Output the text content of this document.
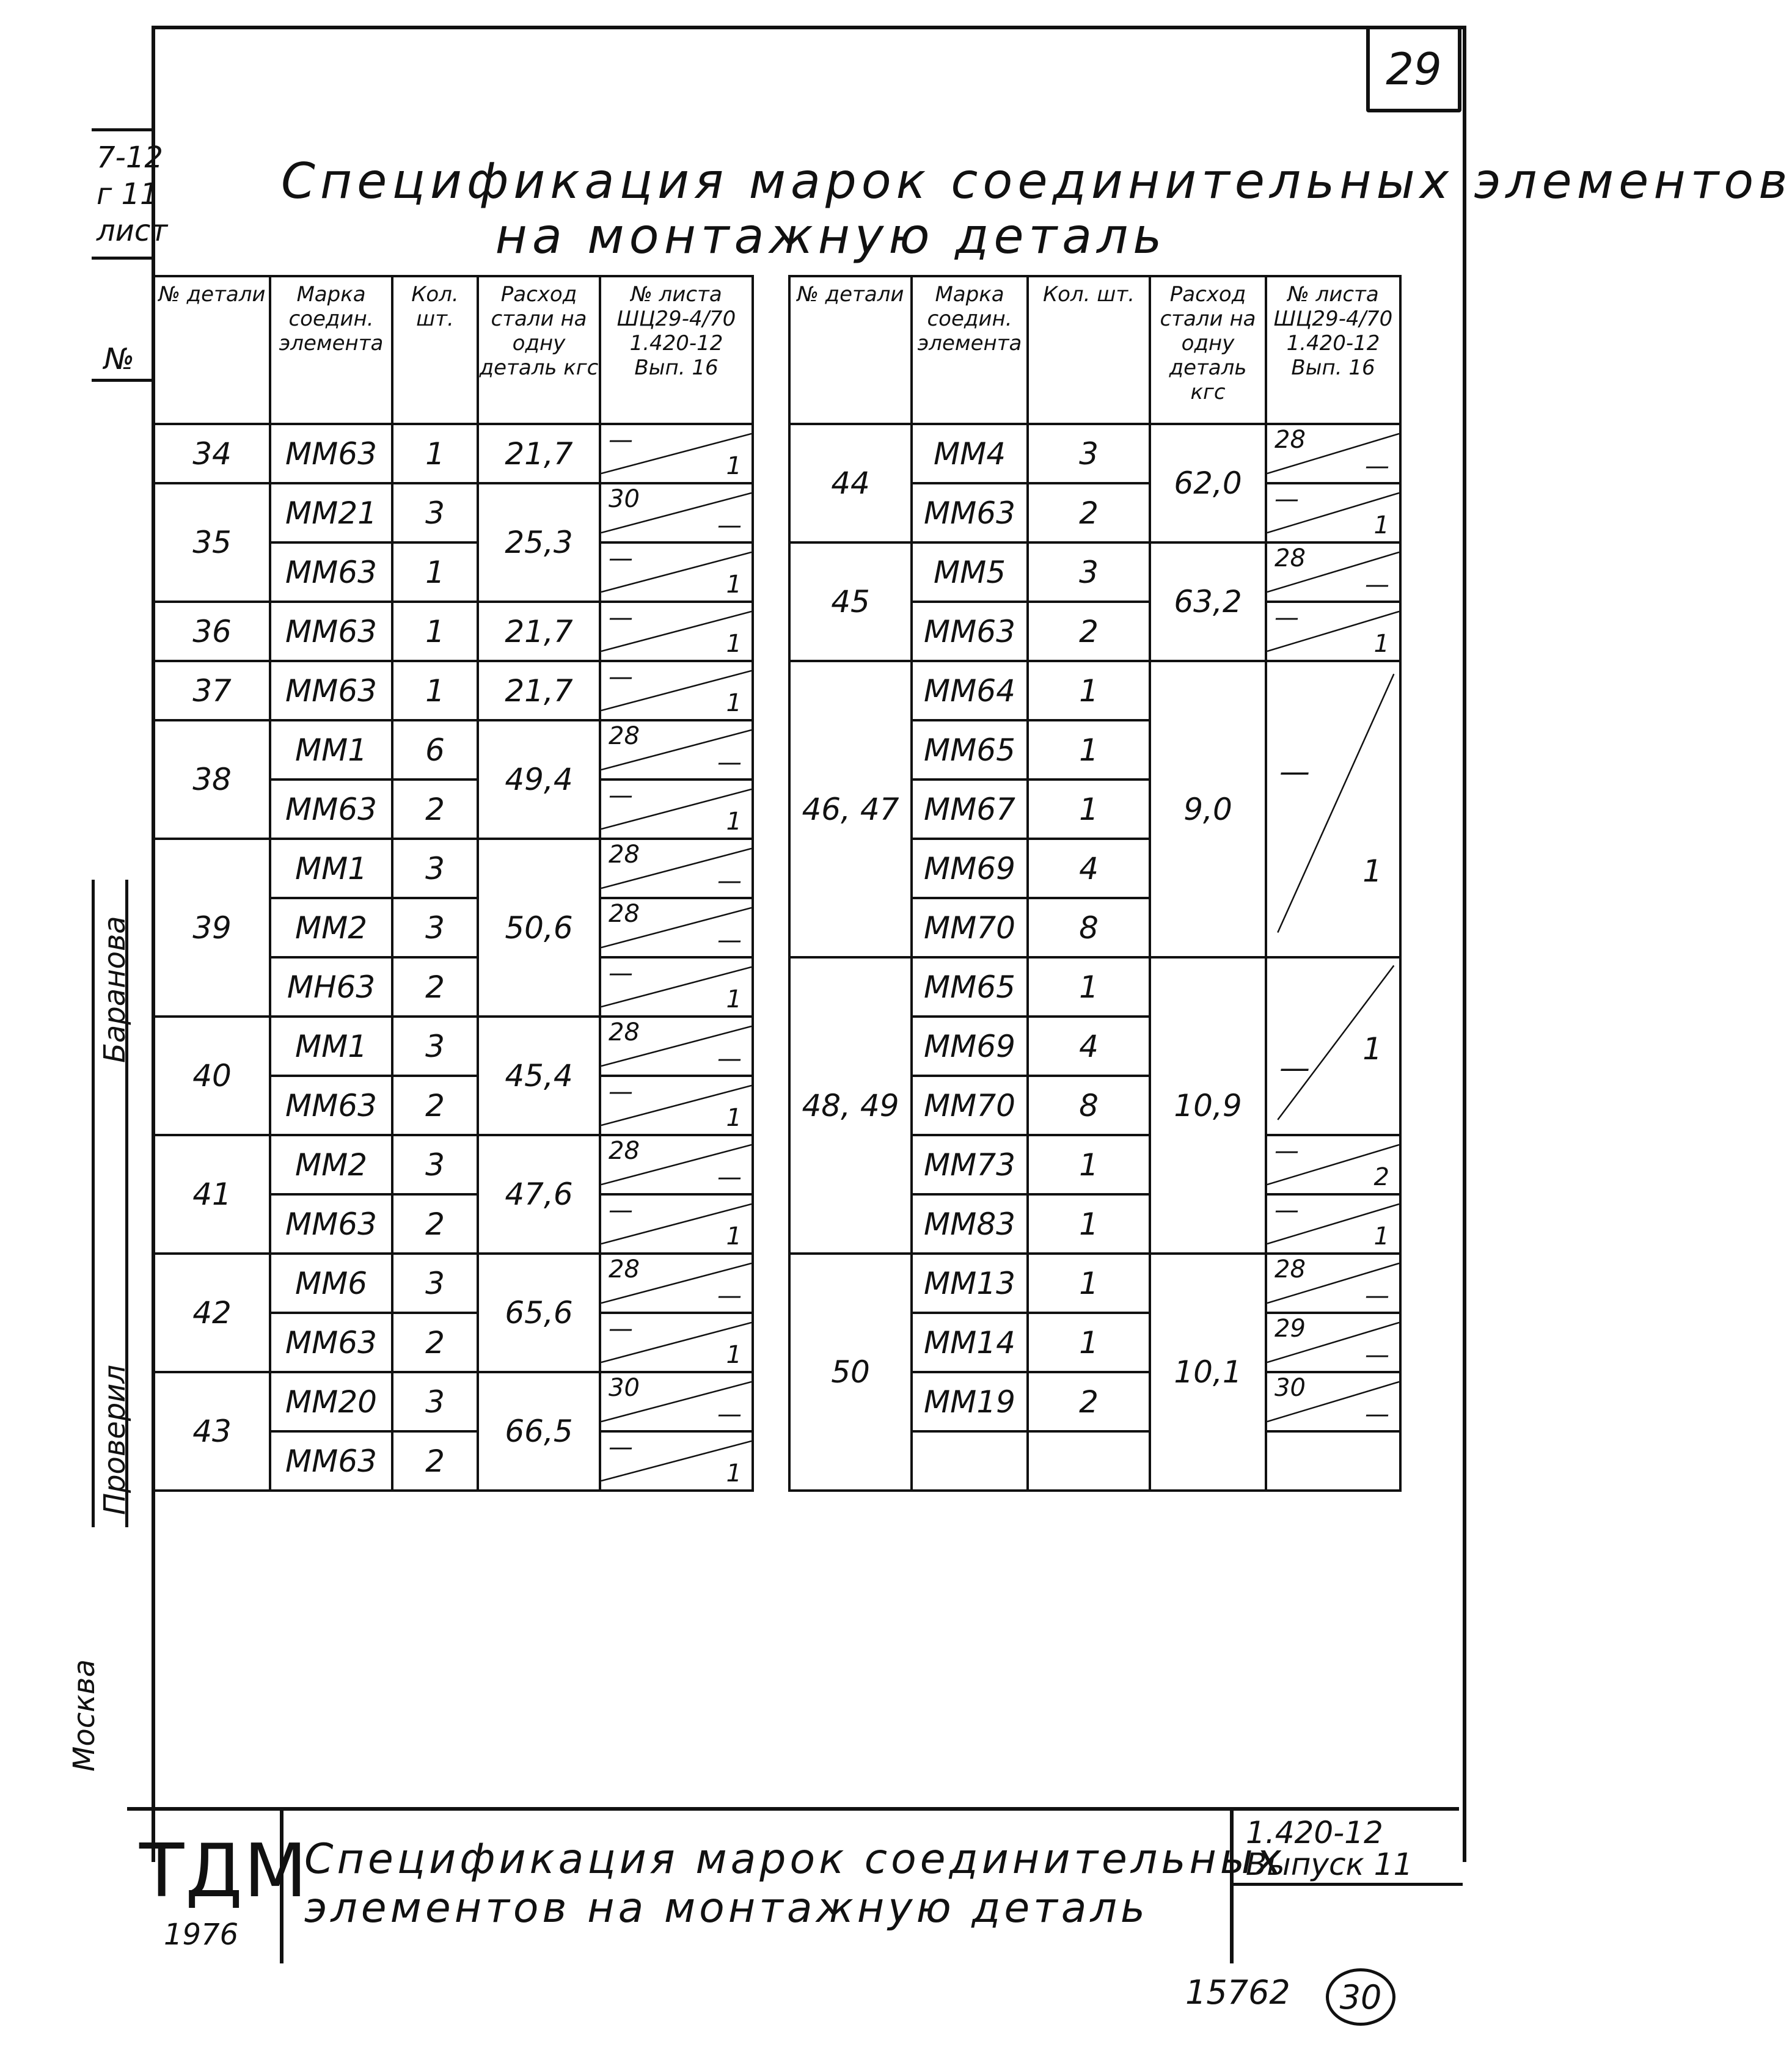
29
7-12
г 11
лист
№
Проверил
Баранова
Москва
Спецификация марок соединительных элементов
на монтажную деталь
№ детали	Марка соедин. элемента	Кол. шт.	Расход стали на одну деталь кгс	№ листа ШЦ29-4/70 1.420-12 Вып. 16
34	ММ63	1	21,7	—
1

35	ММ21	3	25,3	30
—

	ММ63	1		—
1

36	ММ63	1	21,7	—
1

37	ММ63	1	21,7	—
1

38	ММ1	6	49,4	28
—

	ММ63	2		—
1

39	ММ1	3	50,6	28
—

	ММ2	3		28
—

	МН63	2		—
1

40	ММ1	3	45,4	28
—

	ММ63	2		—
1

41	ММ2	3	47,6	28
—

	ММ63	2		—
1

42	ММ6	3	65,6	28
—

	ММ63	2		—
1

43	ММ20	3	66,5	30
—

	ММ63	2		—
1
№ детали	Марка соедин. элемента	Кол. шт.	Расход стали на одну деталь кгс	№ листа ШЦ29-4/70 1.420-12 Вып. 16
44	ММ4	3	62,0	28
—

	ММ63	2		—
1

45	ММ5	3	63,2	28
—

	ММ63	2		—
1

46, 47	ММ64	1	9,0	—
1

	ММ65	1		
	ММ67	1		
	ММ69	4		
	ММ70	8		
48, 49	ММ65	1	10,9	—
1

	ММ69	4		
	ММ70	8		
	ММ73	1		—
2

	ММ83	1		—
1

50	ММ13	1	10,1	28
—

	ММ14	1		29
—

	ММ19	2		30
—

ТДМ
1976
Спецификация марок соединительных
элементов на монтажную деталь
1.420-12
Выпуск 11
15762 30
